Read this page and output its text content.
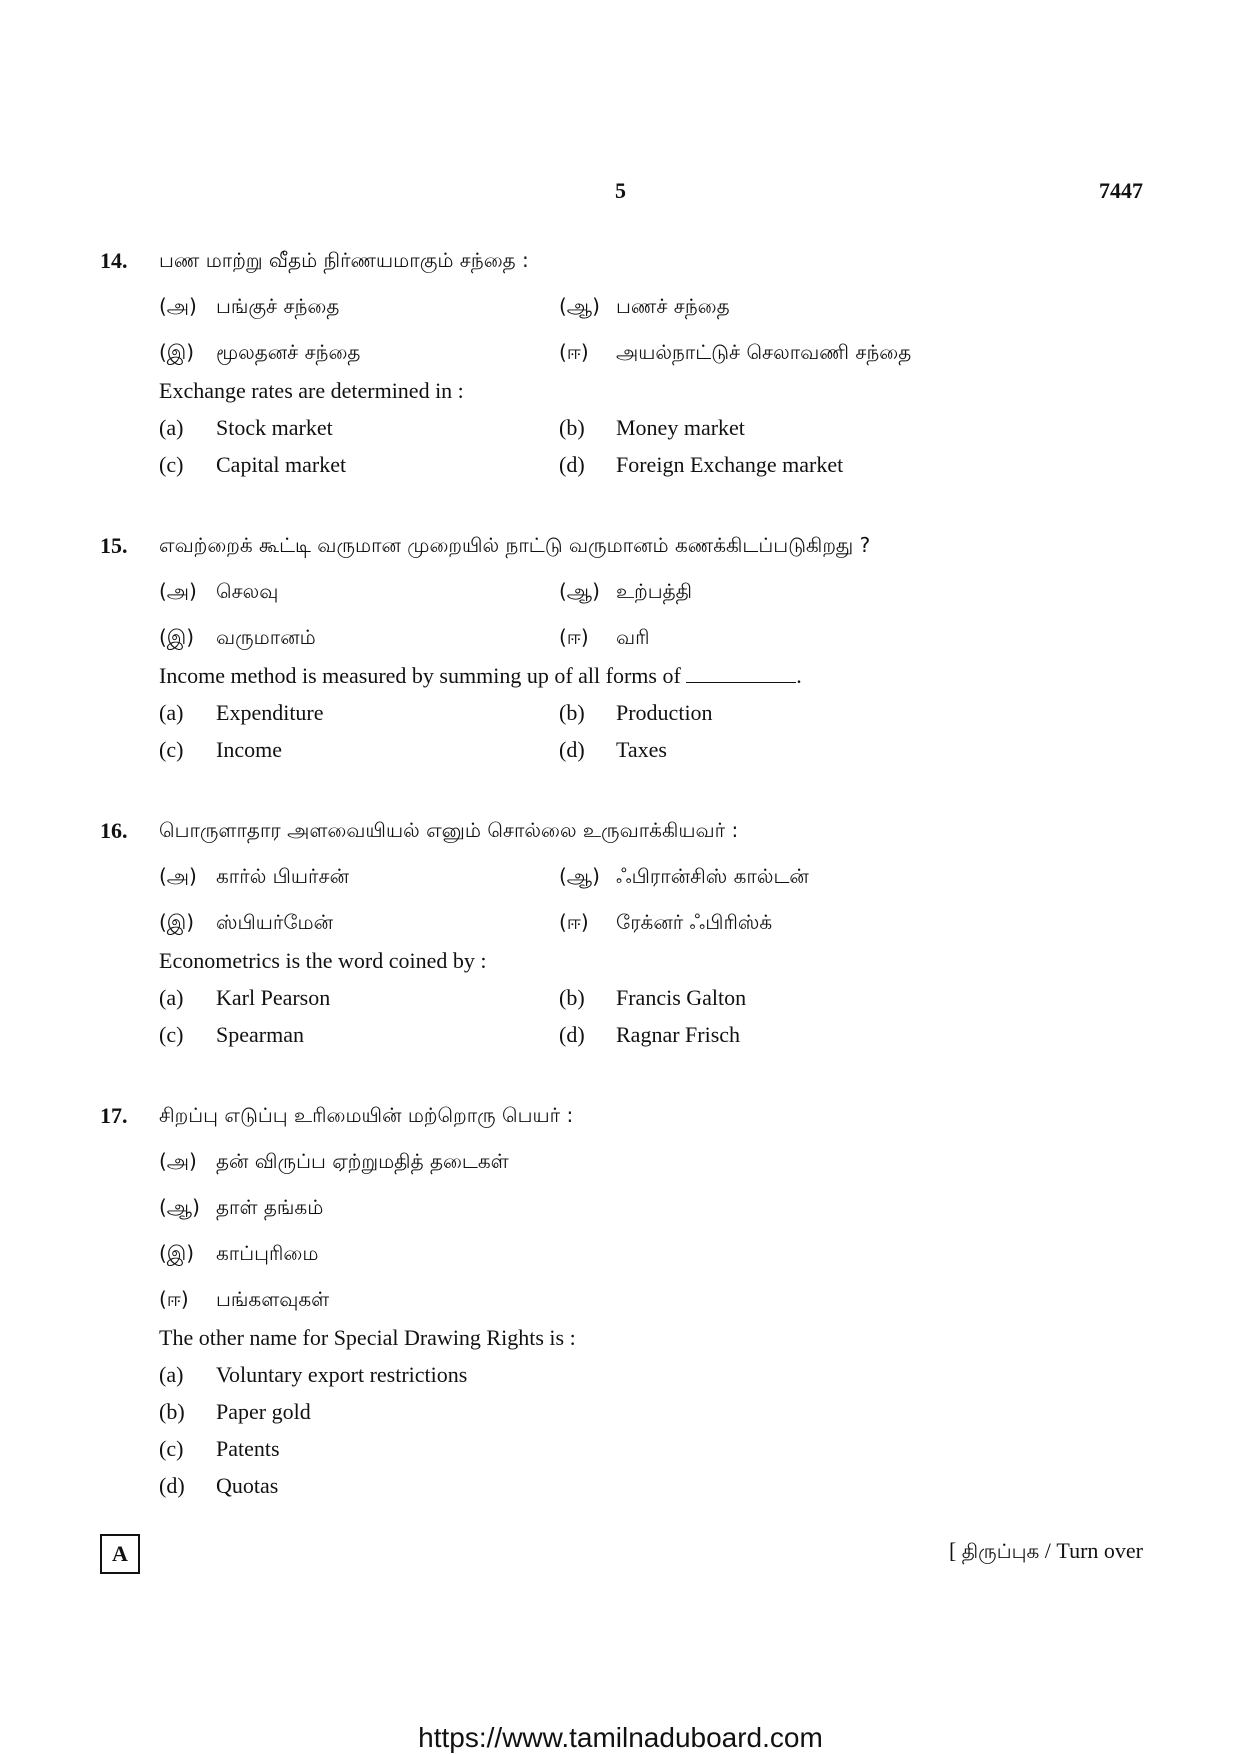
5	7447
14. பண மாற்று வீதம் நிர்ணயமாகும் சந்தை :
(அ) பங்குச் சந்தை	(ஆ) பணச் சந்தை
(இ) மூலதனச் சந்தை	(ஈ) அயல்நாட்டுச் செலாவணி சந்தை
Exchange rates are determined in :
(a) Stock market	(b) Money market
(c) Capital market	(d) Foreign Exchange market
15. எவற்றைக் கூட்டி வருமான முறையில் நாட்டு வருமானம் கணக்கிடப்படுகிறது ?
(அ) செலவு	(ஆ) உற்பத்தி
(இ) வருமானம்	(ஈ) வரி
Income method is measured by summing up of all forms of	.
(a) Expenditure	(b) Production
(c) Income	(d) Taxes
16. பொருளாதார அளவையியல் எனும் சொல்லை உருவாக்கியவர் :
(அ) கார்ல் பியர்சன்	(ஆ) ஃபிரான்சிஸ் கால்டன்
(இ) ஸ்பியர்மேன்	(ஈ) ரேக்னர் ஃபிரிஸ்க்
Econometrics is the word coined by :
(a) Karl Pearson	(b) Francis Galton
(c) Spearman	(d) Ragnar Frisch
17. சிறப்பு எடுப்பு உரிமையின் மற்றொரு பெயர் :
(அ) தன் விருப்ப ஏற்றுமதித் தடைகள்
(ஆ) தாள் தங்கம்
(இ) காப்புரிமை
(ஈ) பங்களவுகள்
The other name for Special Drawing Rights is :
(a) Voluntary export restrictions
(b) Paper gold
(c) Patents
(d) Quotas
A	[ திருப்புக / Turn over
https://www.tamilnaduboard.com
